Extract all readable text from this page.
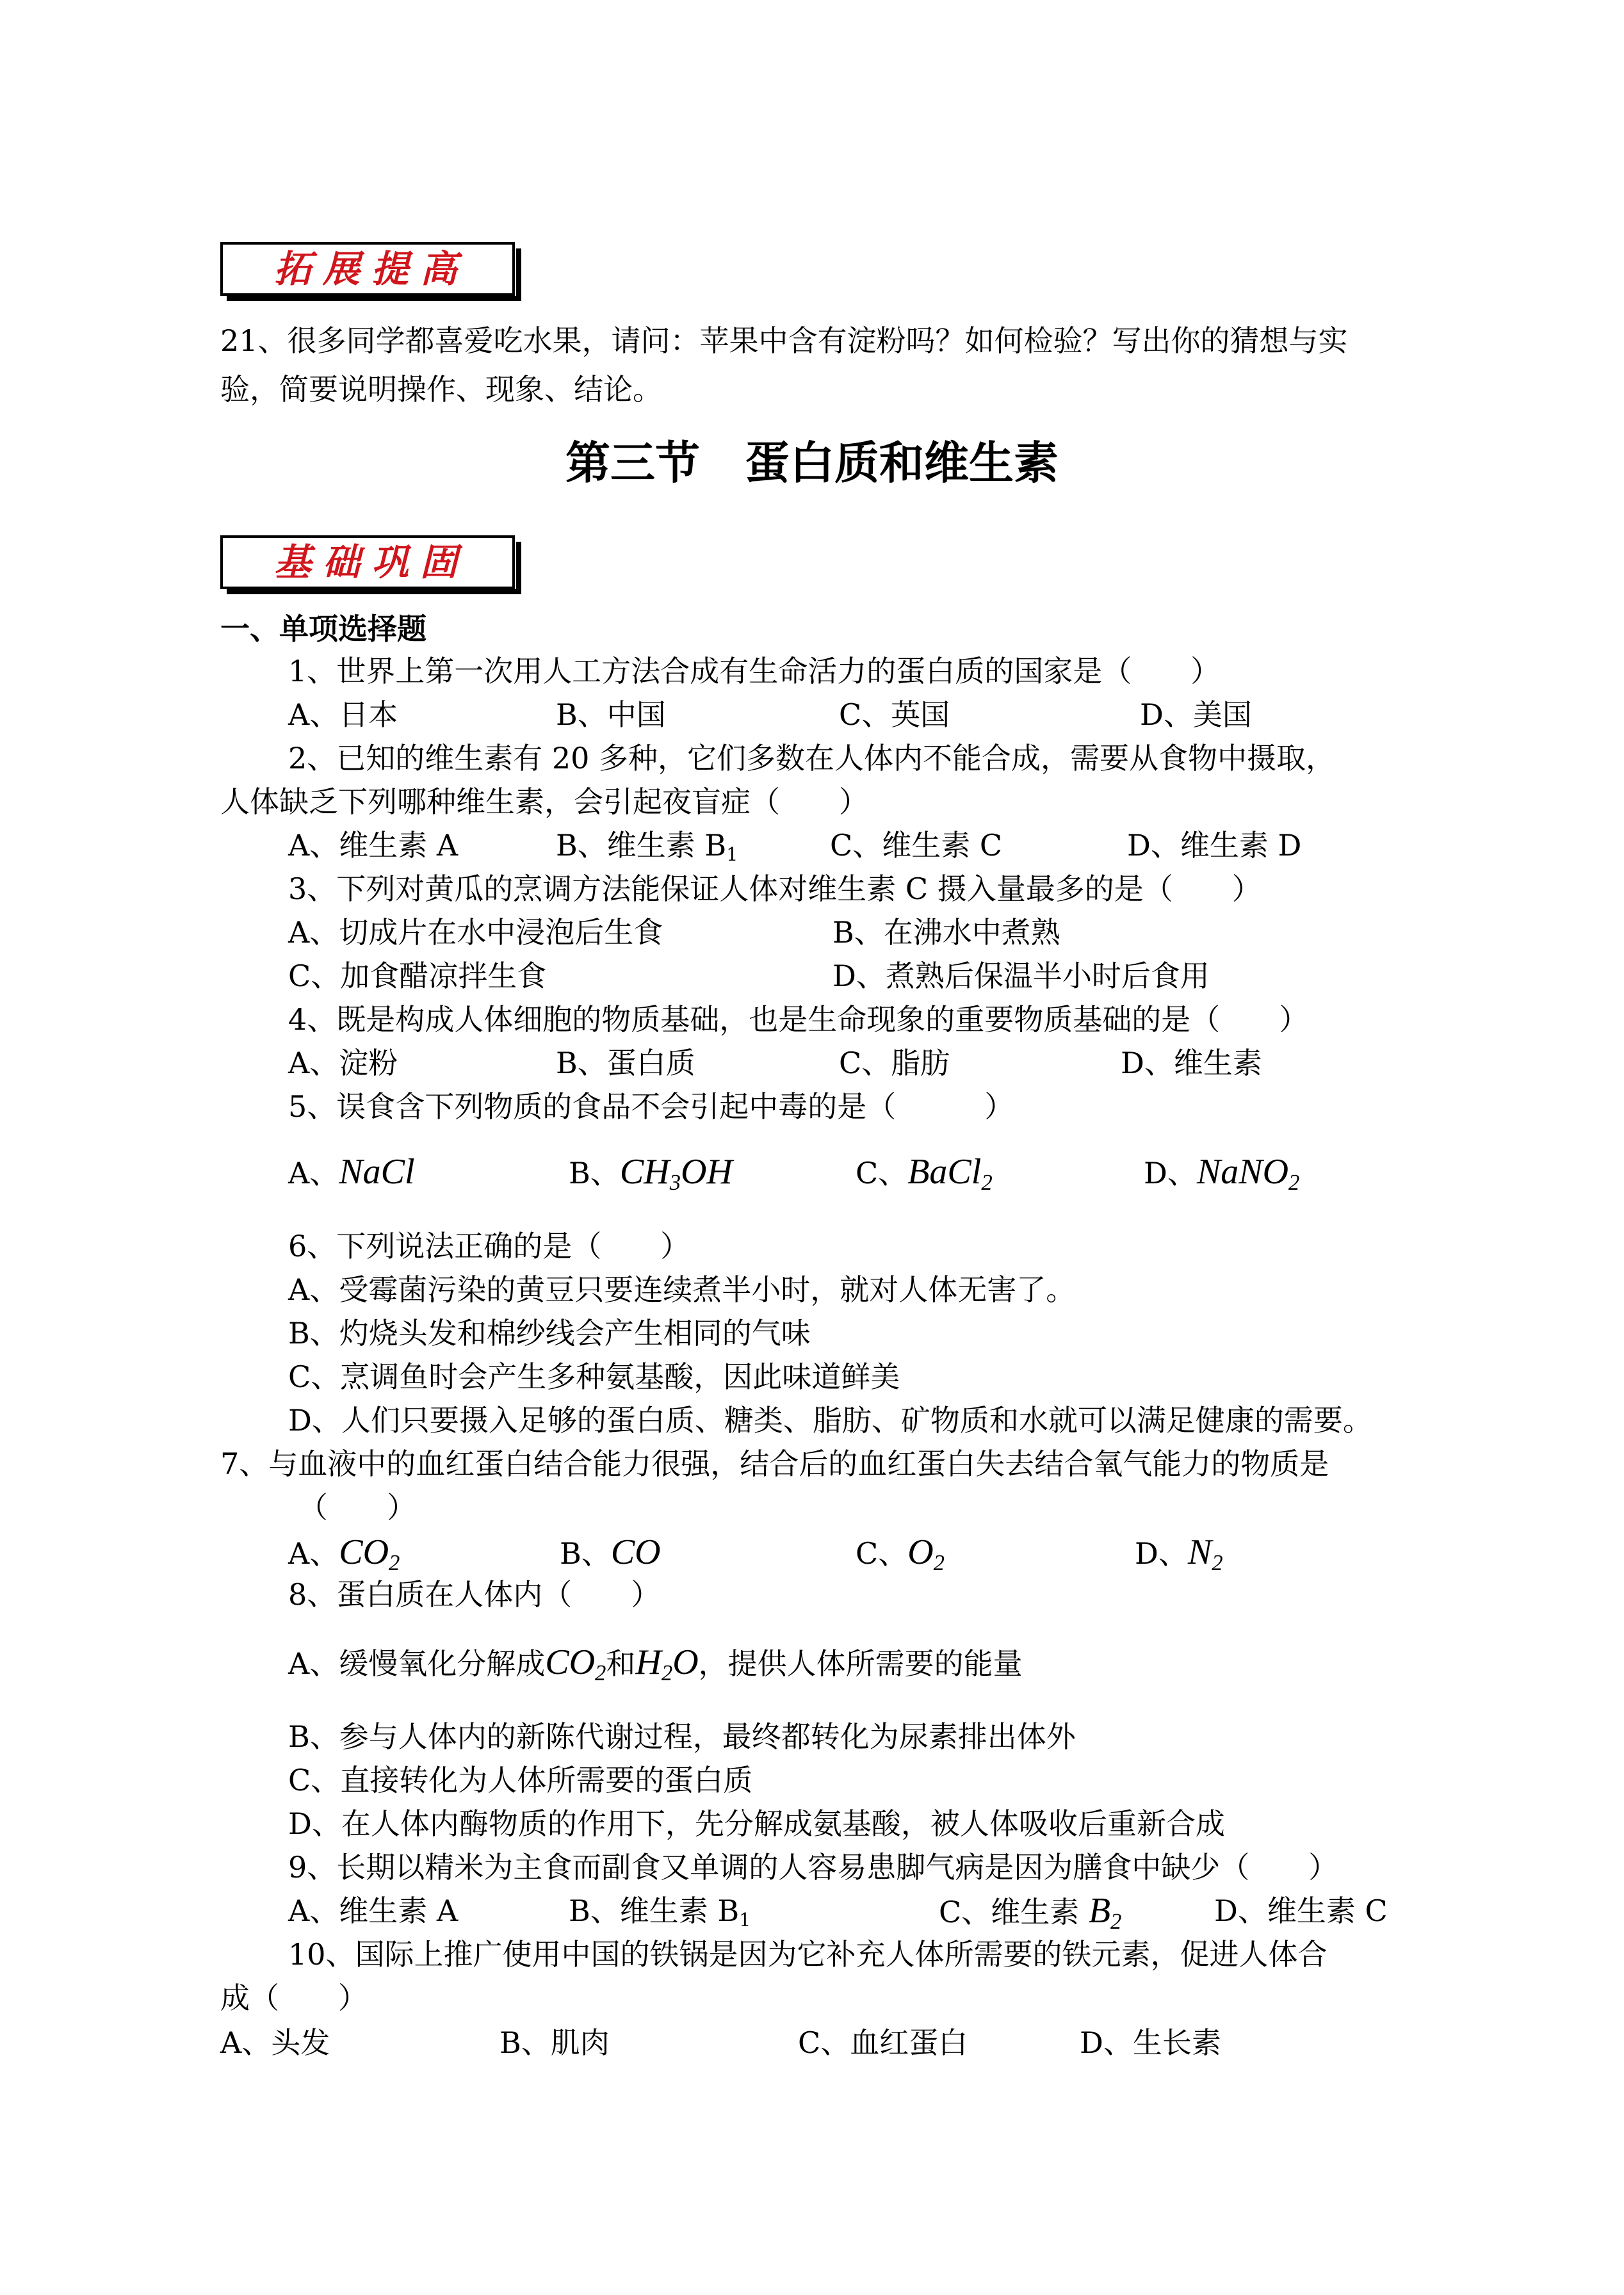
拓展提高
21、很多同学都喜爱吃水果，请问：苹果中含有淀粉吗？如何检验？写出你的猜想与实
验，简要说明操作、现象、结论。
第三节　蛋白质和维生素
基础巩固
一、单项选择题
1、世界上第一次用人工方法合成有生命活力的蛋白质的国家是（　　）
A、日本	B、中国	C、英国	D、美国
2、已知的维生素有 20 多种，它们多数在人体内不能合成，需要从食物中摄取，
人体缺乏下列哪种维生素，会引起夜盲症（　　）
A、维生素 A	B、维生素 B1	C、维生素 C	D、维生素 D
3、下列对黄瓜的烹调方法能保证人体对维生素 C 摄入量最多的是（　　）
A、切成片在水中浸泡后生食	B、在沸水中煮熟
C、加食醋凉拌生食	D、煮熟后保温半小时后食用
4、既是构成人体细胞的物质基础，也是生命现象的重要物质基础的是（　　）
A、淀粉	B、蛋白质	C、脂肪	D、维生素
5、误食含下列物质的食品不会引起中毒的是（　　　）
A、NaCl	B、CH3OH	C、BaCl2	D、NaNO2
6、下列说法正确的是（　　）
A、受霉菌污染的黄豆只要连续煮半小时，就对人体无害了。
B、灼烧头发和棉纱线会产生相同的气味
C、烹调鱼时会产生多种氨基酸，因此味道鲜美
D、人们只要摄入足够的蛋白质、糖类、脂肪、矿物质和水就可以满足健康的需要。
7、与血液中的血红蛋白结合能力很强，结合后的血红蛋白失去结合氧气能力的物质是
（　　）
A、CO2	B、CO	C、O2	D、N2
8、蛋白质在人体内（　　）
A、缓慢氧化分解成CO2和H2O，提供人体所需要的能量
B、参与人体内的新陈代谢过程，最终都转化为尿素排出体外
C、直接转化为人体所需要的蛋白质
D、在人体内酶物质的作用下，先分解成氨基酸，被人体吸收后重新合成
9、长期以精米为主食而副食又单调的人容易患脚气病是因为膳食中缺少（　　）
A、维生素 A	B、维生素 B1	C、维生素 B2	D、维生素 C
10、国际上推广使用中国的铁锅是因为它补充人体所需要的铁元素，促进人体合
成（　　）
A、头发	B、肌肉	C、血红蛋白	D、生长素
